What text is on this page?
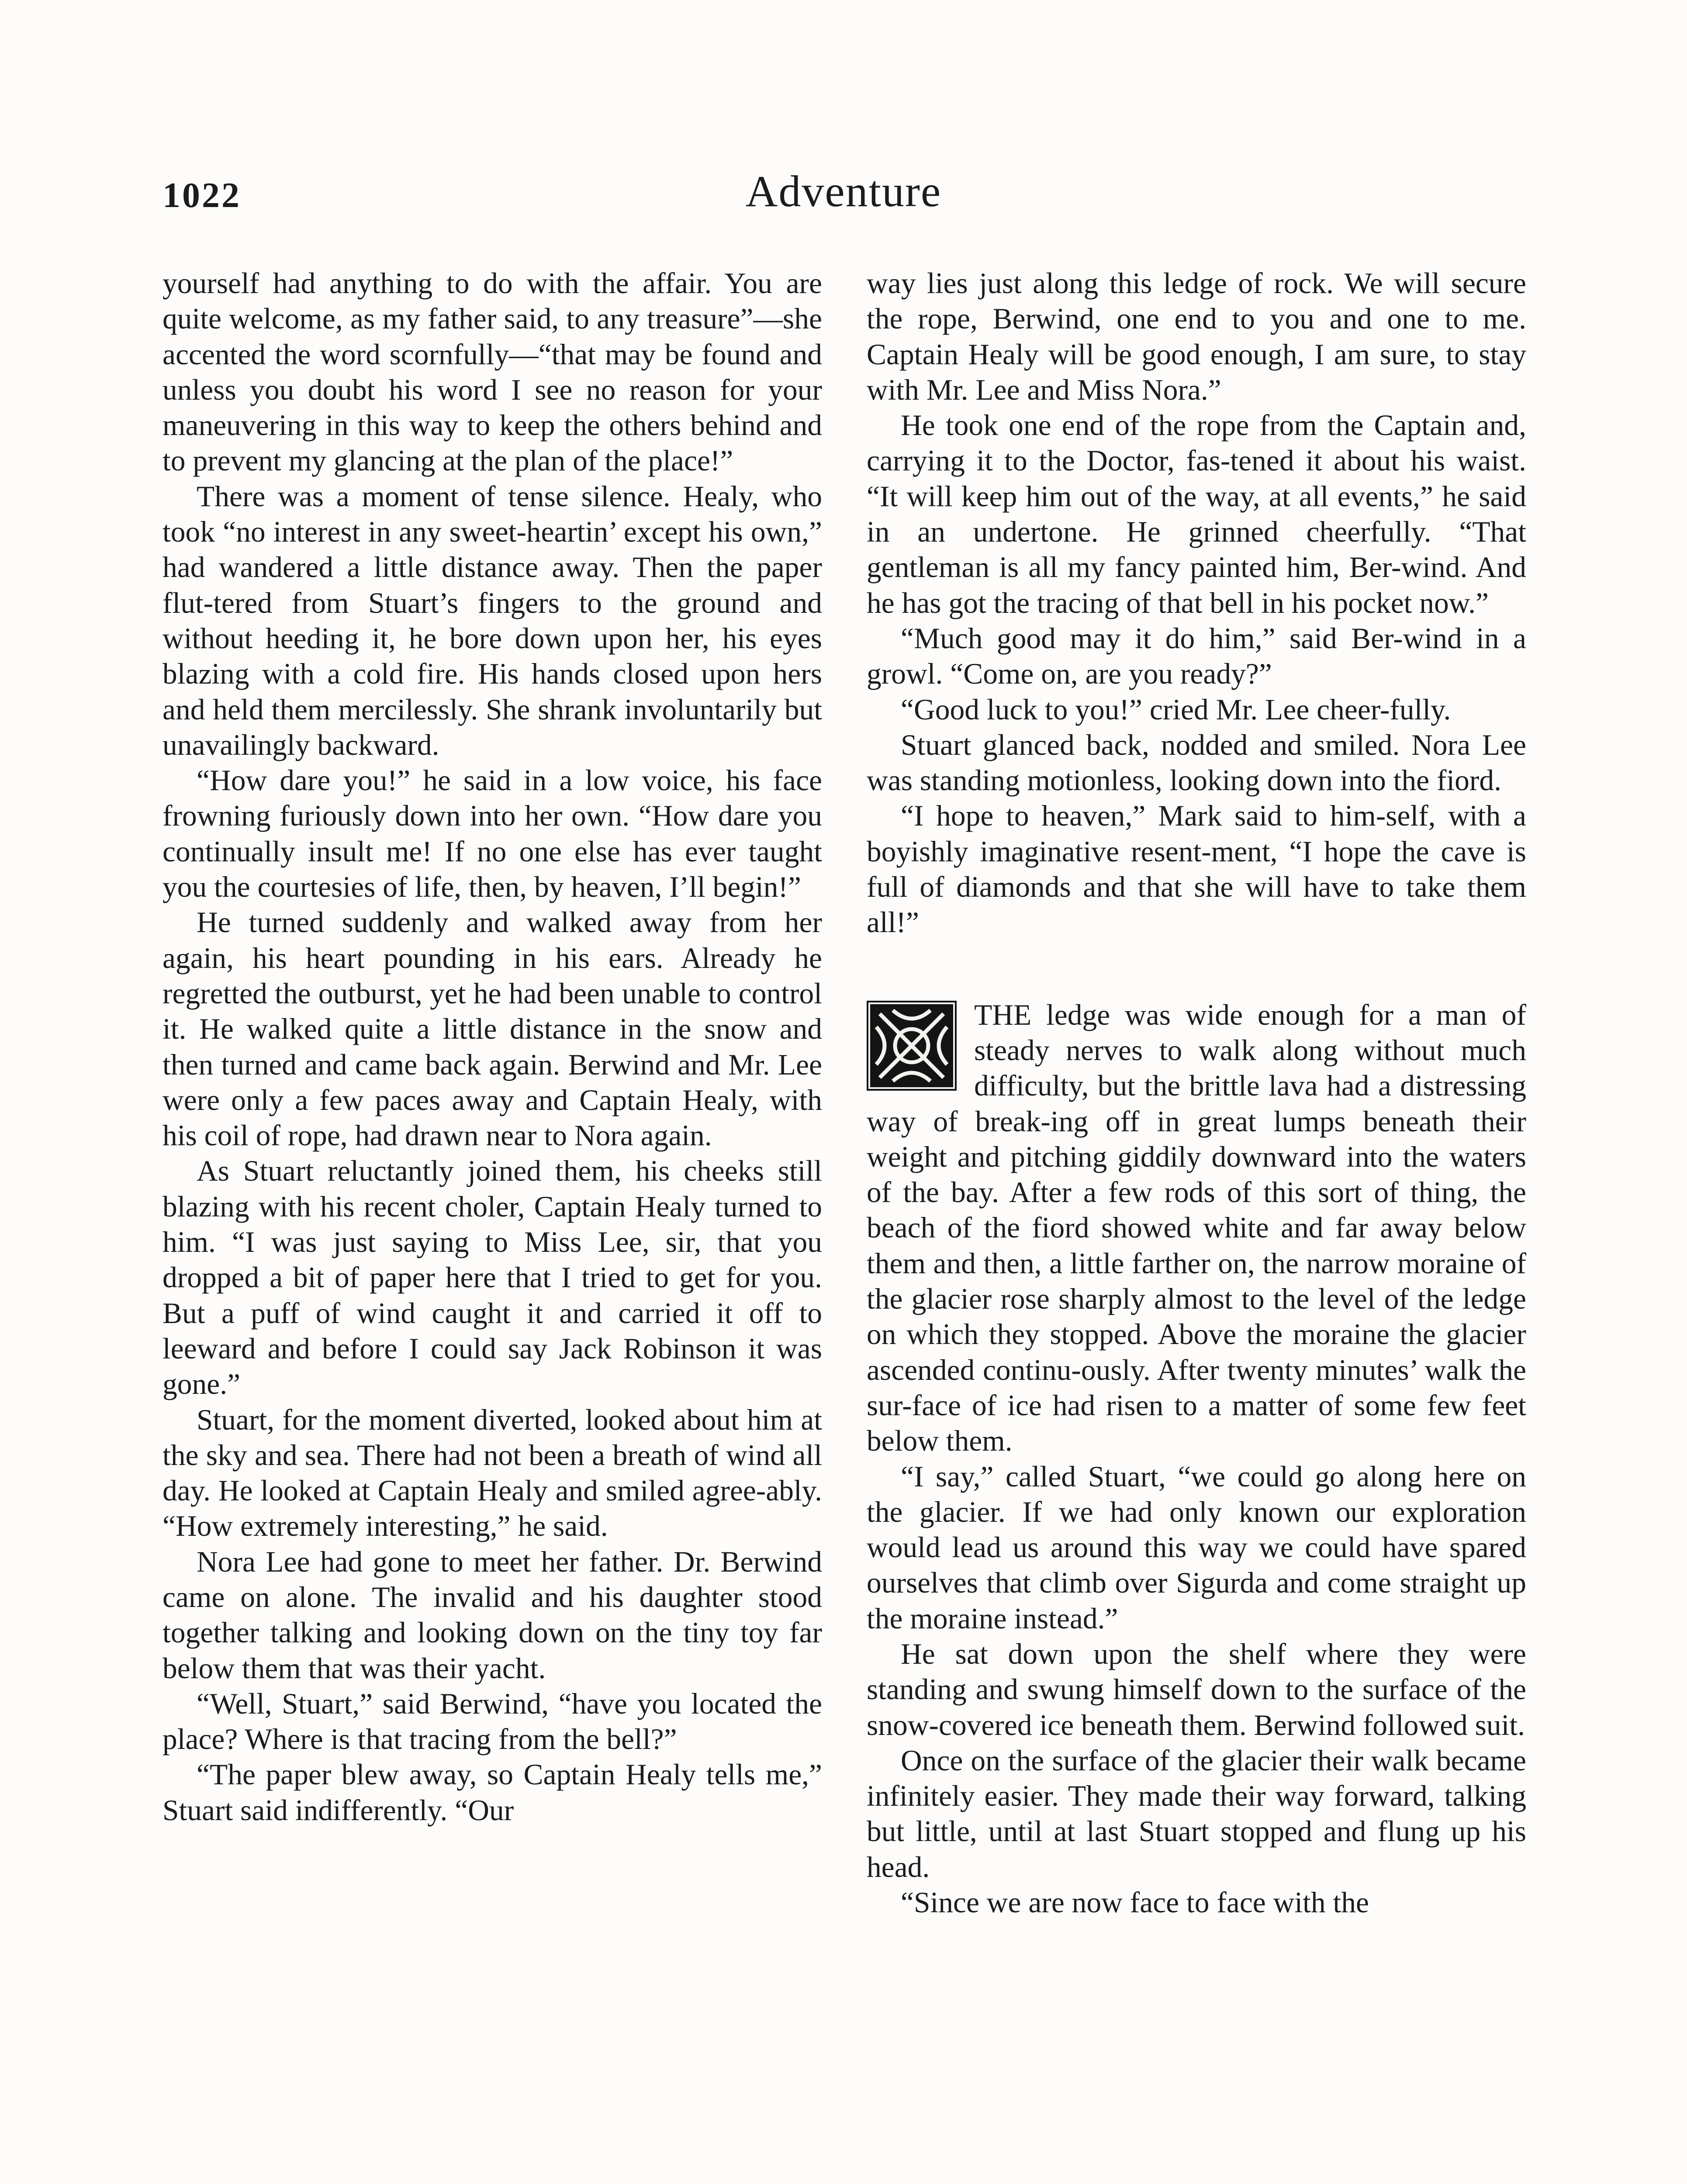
1022	Adventure

yourself had anything to do with the affair. You are quite welcome, as my father said, to any treasure”—she accented the word scornfully—“that may be found and unless you doubt his word I see no reason for your maneuvering in this way to keep the others behind and to prevent my glancing at the plan of the place!”

There was a moment of tense silence. Healy, who took “no interest in any sweet-heartin’ except his own,” had wandered a little distance away. Then the paper flut-tered from Stuart’s fingers to the ground and without heeding it, he bore down upon her, his eyes blazing with a cold fire. His hands closed upon hers and held them mercilessly. She shrank involuntarily but unavailingly backward.

“How dare you!” he said in a low voice, his face frowning furiously down into her own. “How dare you continually insult me! If no one else has ever taught you the courtesies of life, then, by heaven, I’ll begin!”

He turned suddenly and walked away from her again, his heart pounding in his ears. Already he regretted the outburst, yet he had been unable to control it. He walked quite a little distance in the snow and then turned and came back again. Berwind and Mr. Lee were only a few paces away and Captain Healy, with his coil of rope, had drawn near to Nora again.

As Stuart reluctantly joined them, his cheeks still blazing with his recent choler, Captain Healy turned to him. “I was just saying to Miss Lee, sir, that you dropped a bit of paper here that I tried to get for you. But a puff of wind caught it and carried it off to leeward and before I could say Jack Robinson it was gone.”

Stuart, for the moment diverted, looked about him at the sky and sea. There had not been a breath of wind all day. He looked at Captain Healy and smiled agree-ably. “How extremely interesting,” he said.

Nora Lee had gone to meet her father. Dr. Berwind came on alone. The invalid and his daughter stood together talking and looking down on the tiny toy far below them that was their yacht.

“Well, Stuart,” said Berwind, “have you located the place? Where is that tracing from the bell?”

“The paper blew away, so Captain Healy tells me,” Stuart said indifferently. “Our

way lies just along this ledge of rock. We will secure the rope, Berwind, one end to you and one to me. Captain Healy will be good enough, I am sure, to stay with Mr. Lee and Miss Nora.”

He took one end of the rope from the Captain and, carrying it to the Doctor, fas-tened it about his waist. “It will keep him out of the way, at all events,” he said in an undertone. He grinned cheerfully. “That gentleman is all my fancy painted him, Ber-wind. And he has got the tracing of that bell in his pocket now.”

“Much good may it do him,” said Ber-wind in a growl. “Come on, are you ready?”

“Good luck to you!” cried Mr. Lee cheer-fully.

Stuart glanced back, nodded and smiled. Nora Lee was standing motionless, looking down into the fiord.

“I hope to heaven,” Mark said to him-self, with a boyishly imaginative resent-ment, “I hope the cave is full of diamonds and that she will have to take them all!”

THE ledge was wide enough for a man of steady nerves to walk along without much difficulty, but the brittle lava had a distressing way of break-ing off in great lumps beneath their weight and pitching giddily downward into the waters of the bay. After a few rods of this sort of thing, the beach of the fiord showed white and far away below them and then, a little farther on, the narrow moraine of the glacier rose sharply almost to the level of the ledge on which they stopped. Above the moraine the glacier ascended continu-ously. After twenty minutes’ walk the sur-face of ice had risen to a matter of some few feet below them.

“I say,” called Stuart, “we could go along here on the glacier. If we had only known our exploration would lead us around this way we could have spared ourselves that climb over Sigurda and come straight up the moraine instead.”

He sat down upon the shelf where they were standing and swung himself down to the surface of the snow-covered ice beneath them. Berwind followed suit.

Once on the surface of the glacier their walk became infinitely easier. They made their way forward, talking but little, until at last Stuart stopped and flung up his head.

“Since we are now face to face with the
